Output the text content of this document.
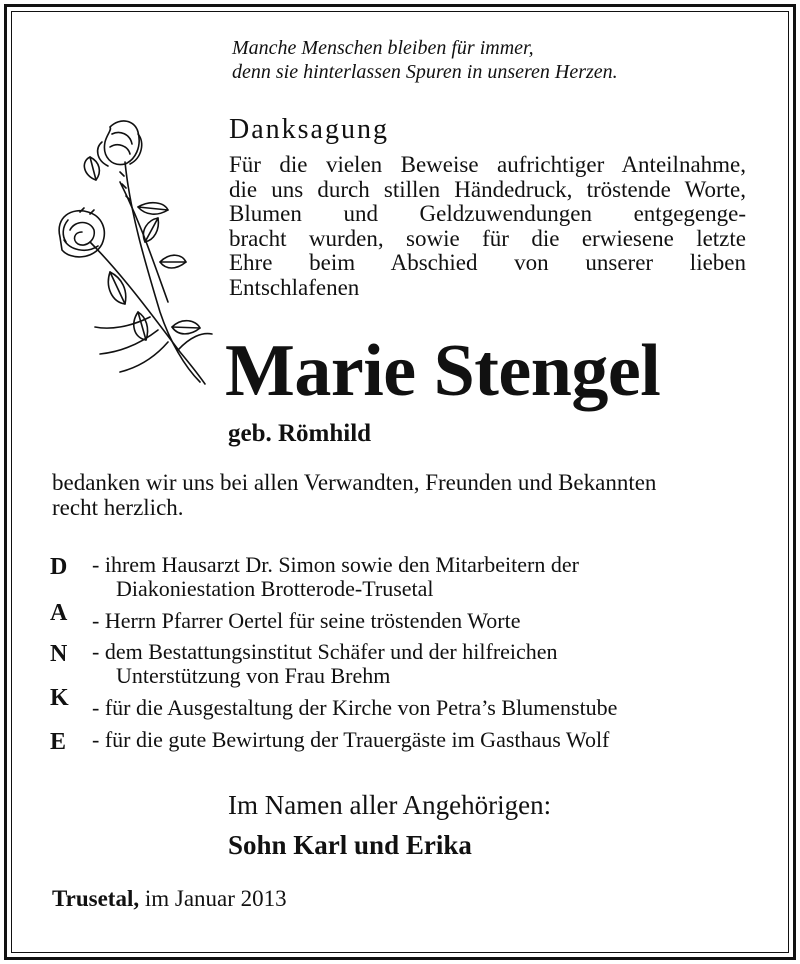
Manche Menschen bleiben für immer,
denn sie hinterlassen Spuren in unseren Herzen.
Danksagung
Für die vielen Beweise aufrichtiger Anteilnahme,
die uns durch stillen Händedruck, tröstende Worte,
Blumen und Geldzuwendungen entgegenge-
bracht wurden, sowie für die erwiesene letzte
Ehre beim Abschied von unserer lieben
Entschlafenen
Marie Stengel
geb. Römhild
bedanken wir uns bei allen Verwandten, Freunden und Bekannten
recht herzlich.
D
A
N
K
E
- ihrem Hausarzt Dr. Simon sowie den Mitarbeitern der
Diakoniestation Brotterode-Trusetal
- Herrn Pfarrer Oertel für seine tröstenden Worte
- dem Bestattungsinstitut Schäfer und der hilfreichen
Unterstützung von Frau Brehm
- für die Ausgestaltung der Kirche von Petra’s Blumenstube
- für die gute Bewirtung der Trauergäste im Gasthaus Wolf
Im Namen aller Angehörigen:
Sohn Karl und Erika
Trusetal, im Januar 2013
